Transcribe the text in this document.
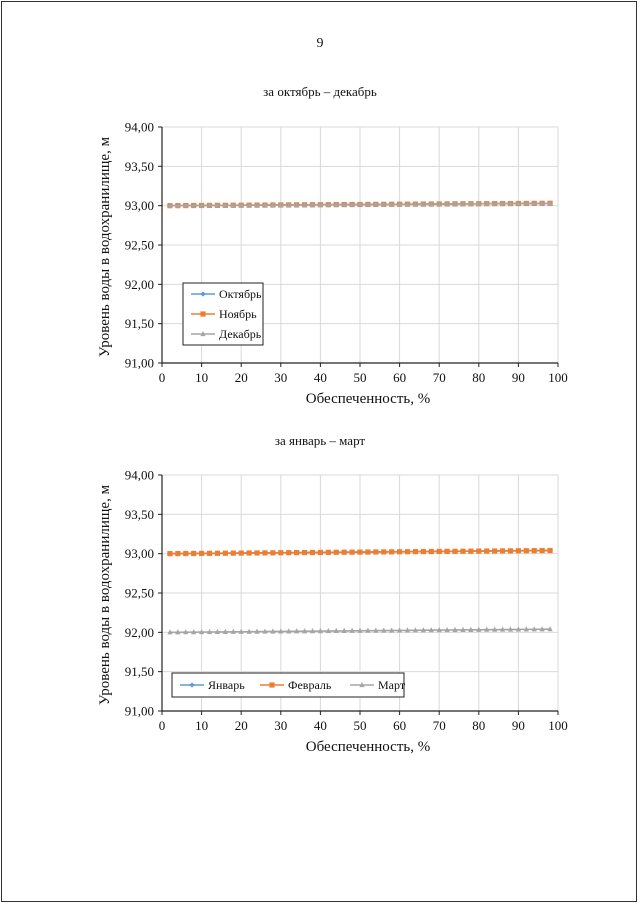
9
за октябрь – декабрь
91,00
91,50
92,00
92,50
93,00
93,50
94,00
0 10 20 30 40 50 60 70 80 90 100
Обеспеченность, %
Уровень воды в водохранилище, м	Октябрь
Ноябрь
Декабрь
за январь – март
91,00
91,50
92,00
92,50
93,00
93,50
94,00
0 10 20 30 40 50 60 70 80 90 100
Обеспеченность, %
Уровень воды в водохранилище, м	Январь	Февраль	Март
